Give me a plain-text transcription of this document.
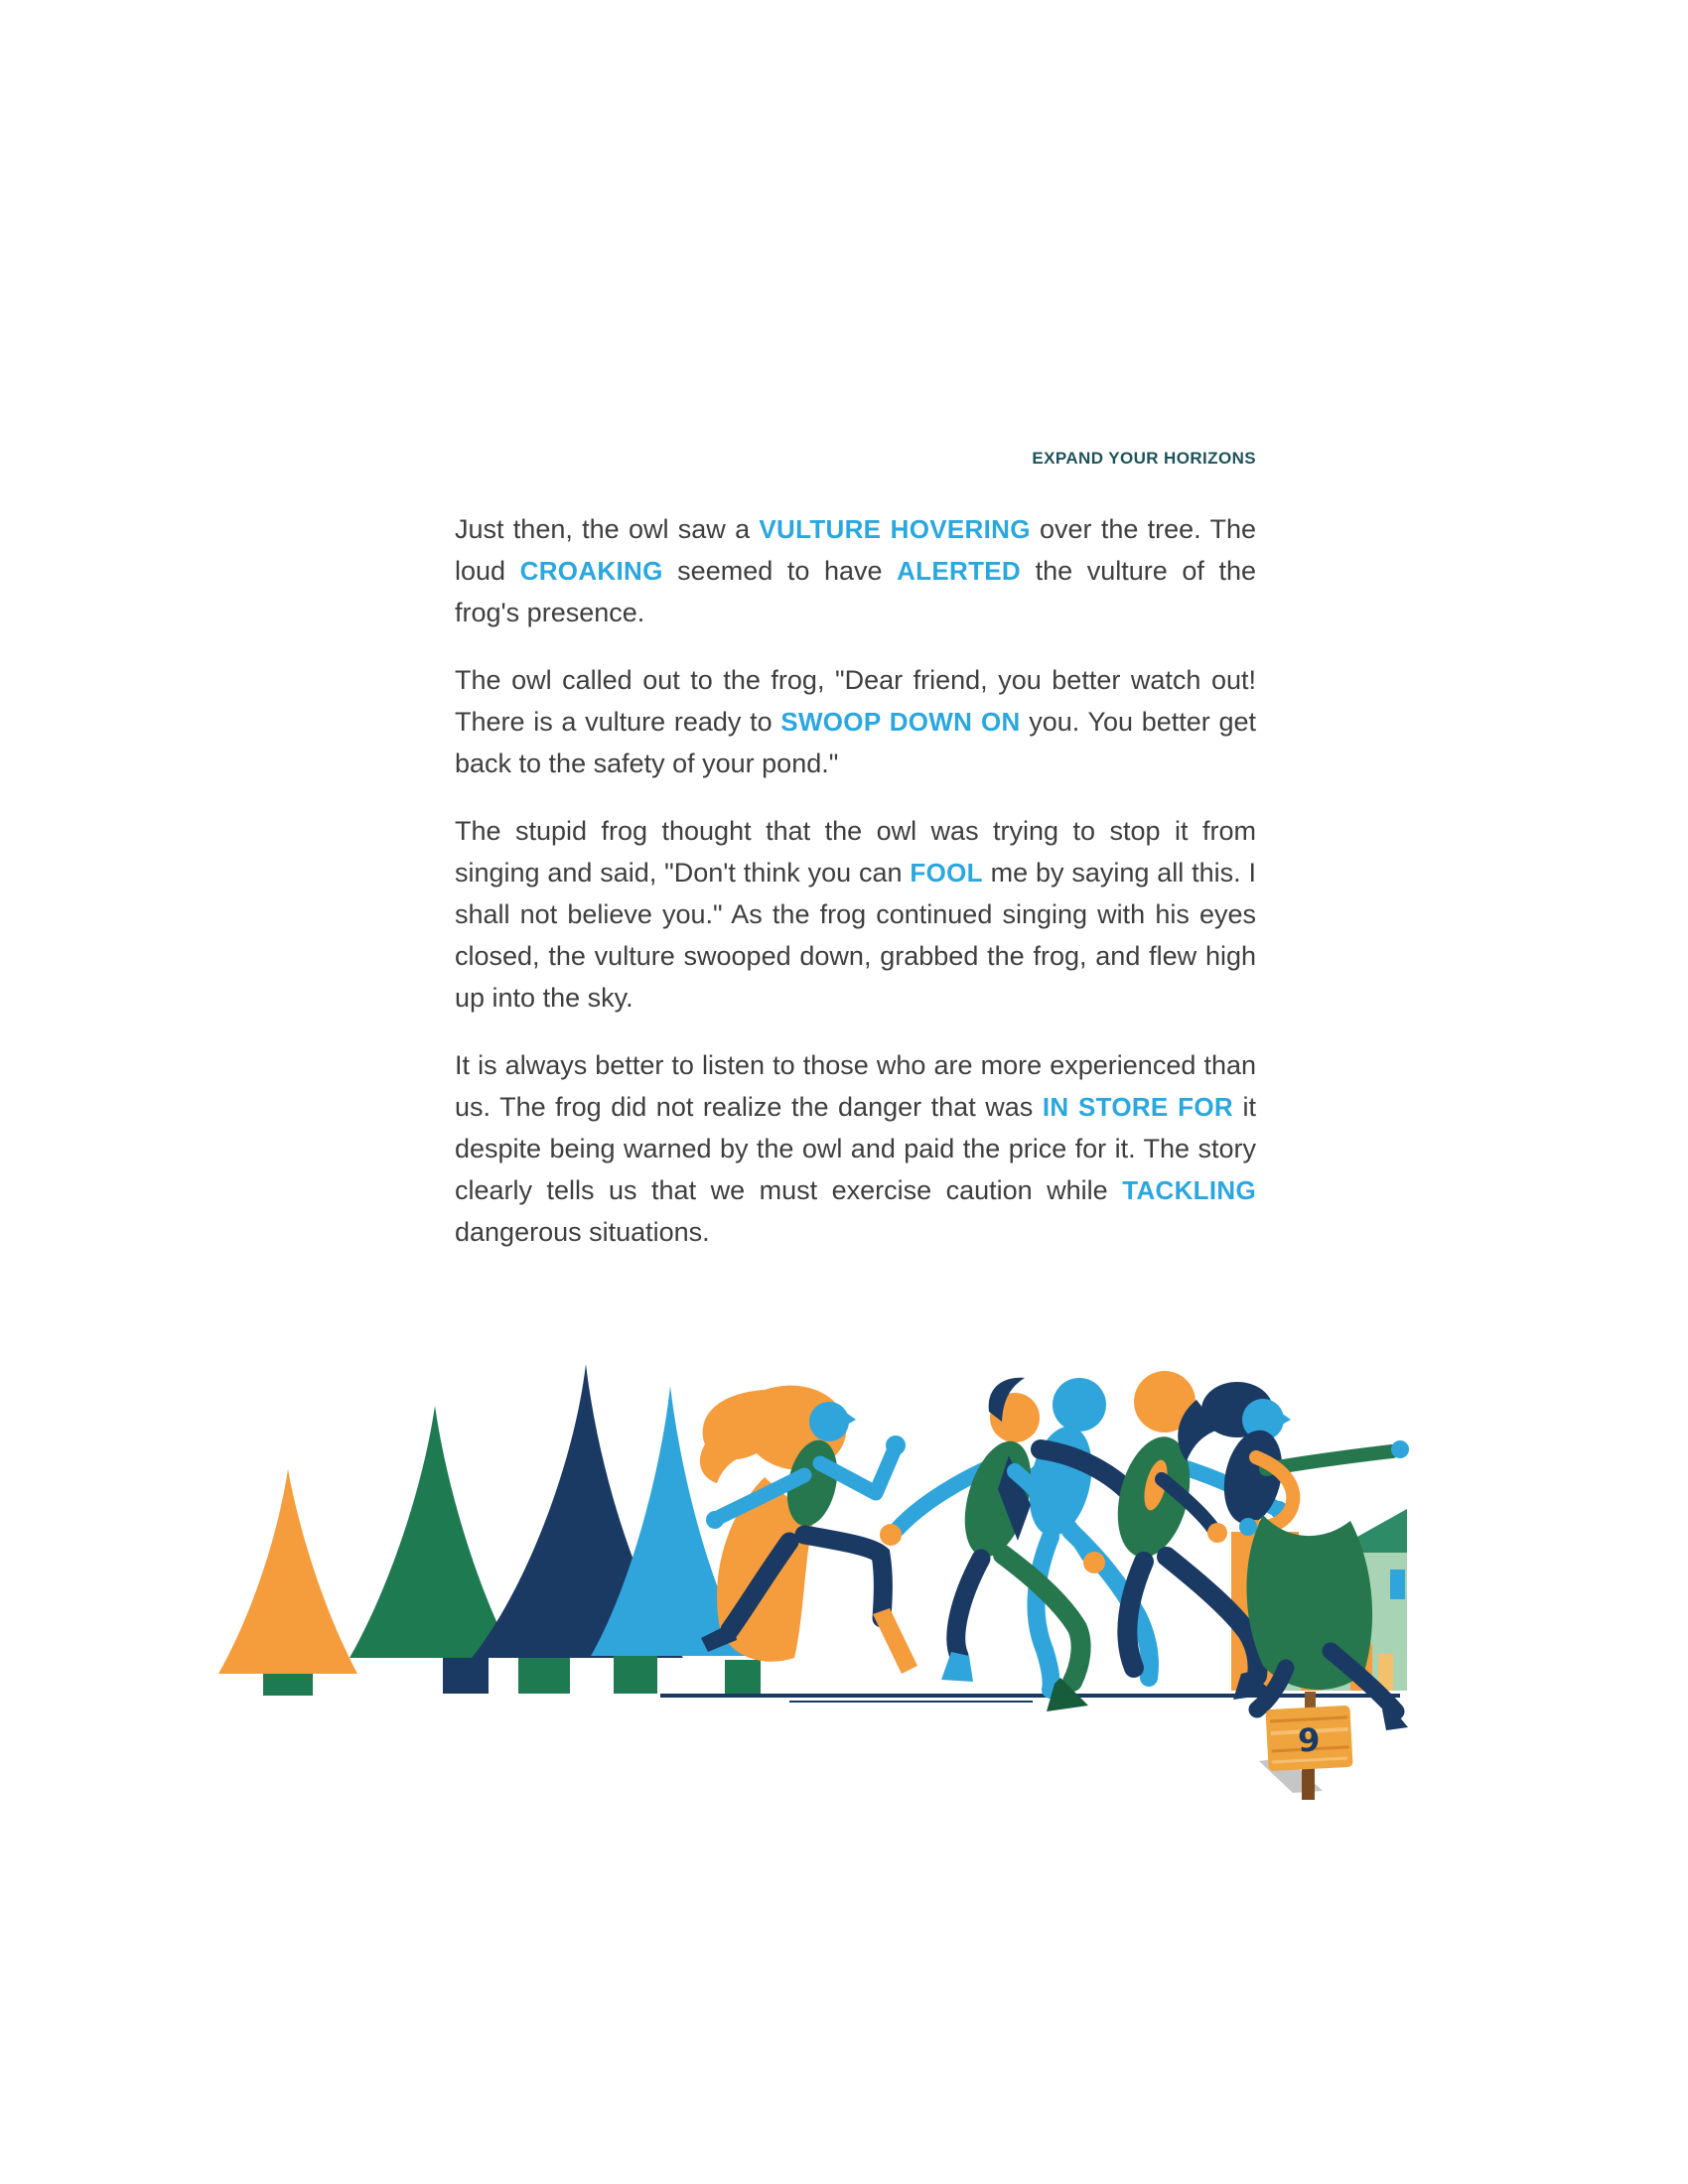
EXPAND YOUR HORIZONS

Just then, the owl saw a VULTURE HOVERING over the tree. The loud CROAKING seemed to have ALERTED the vulture of the frog's presence.

The owl called out to the frog, "Dear friend, you better watch out! There is a vulture ready to SWOOP DOWN ON you. You better get back to the safety of your pond."

The stupid frog thought that the owl was trying to stop it from singing and said, "Don't think you can FOOL me by saying all this. I shall not believe you." As the frog continued singing with his eyes closed, the vulture swooped down, grabbed the frog, and flew high up into the sky.

It is always better to listen to those who are more experienced than us. The frog did not realize the danger that was IN STORE FOR it despite being warned by the owl and paid the price for it. The story clearly tells us that we must exercise caution while TACKLING dangerous situations.

9
